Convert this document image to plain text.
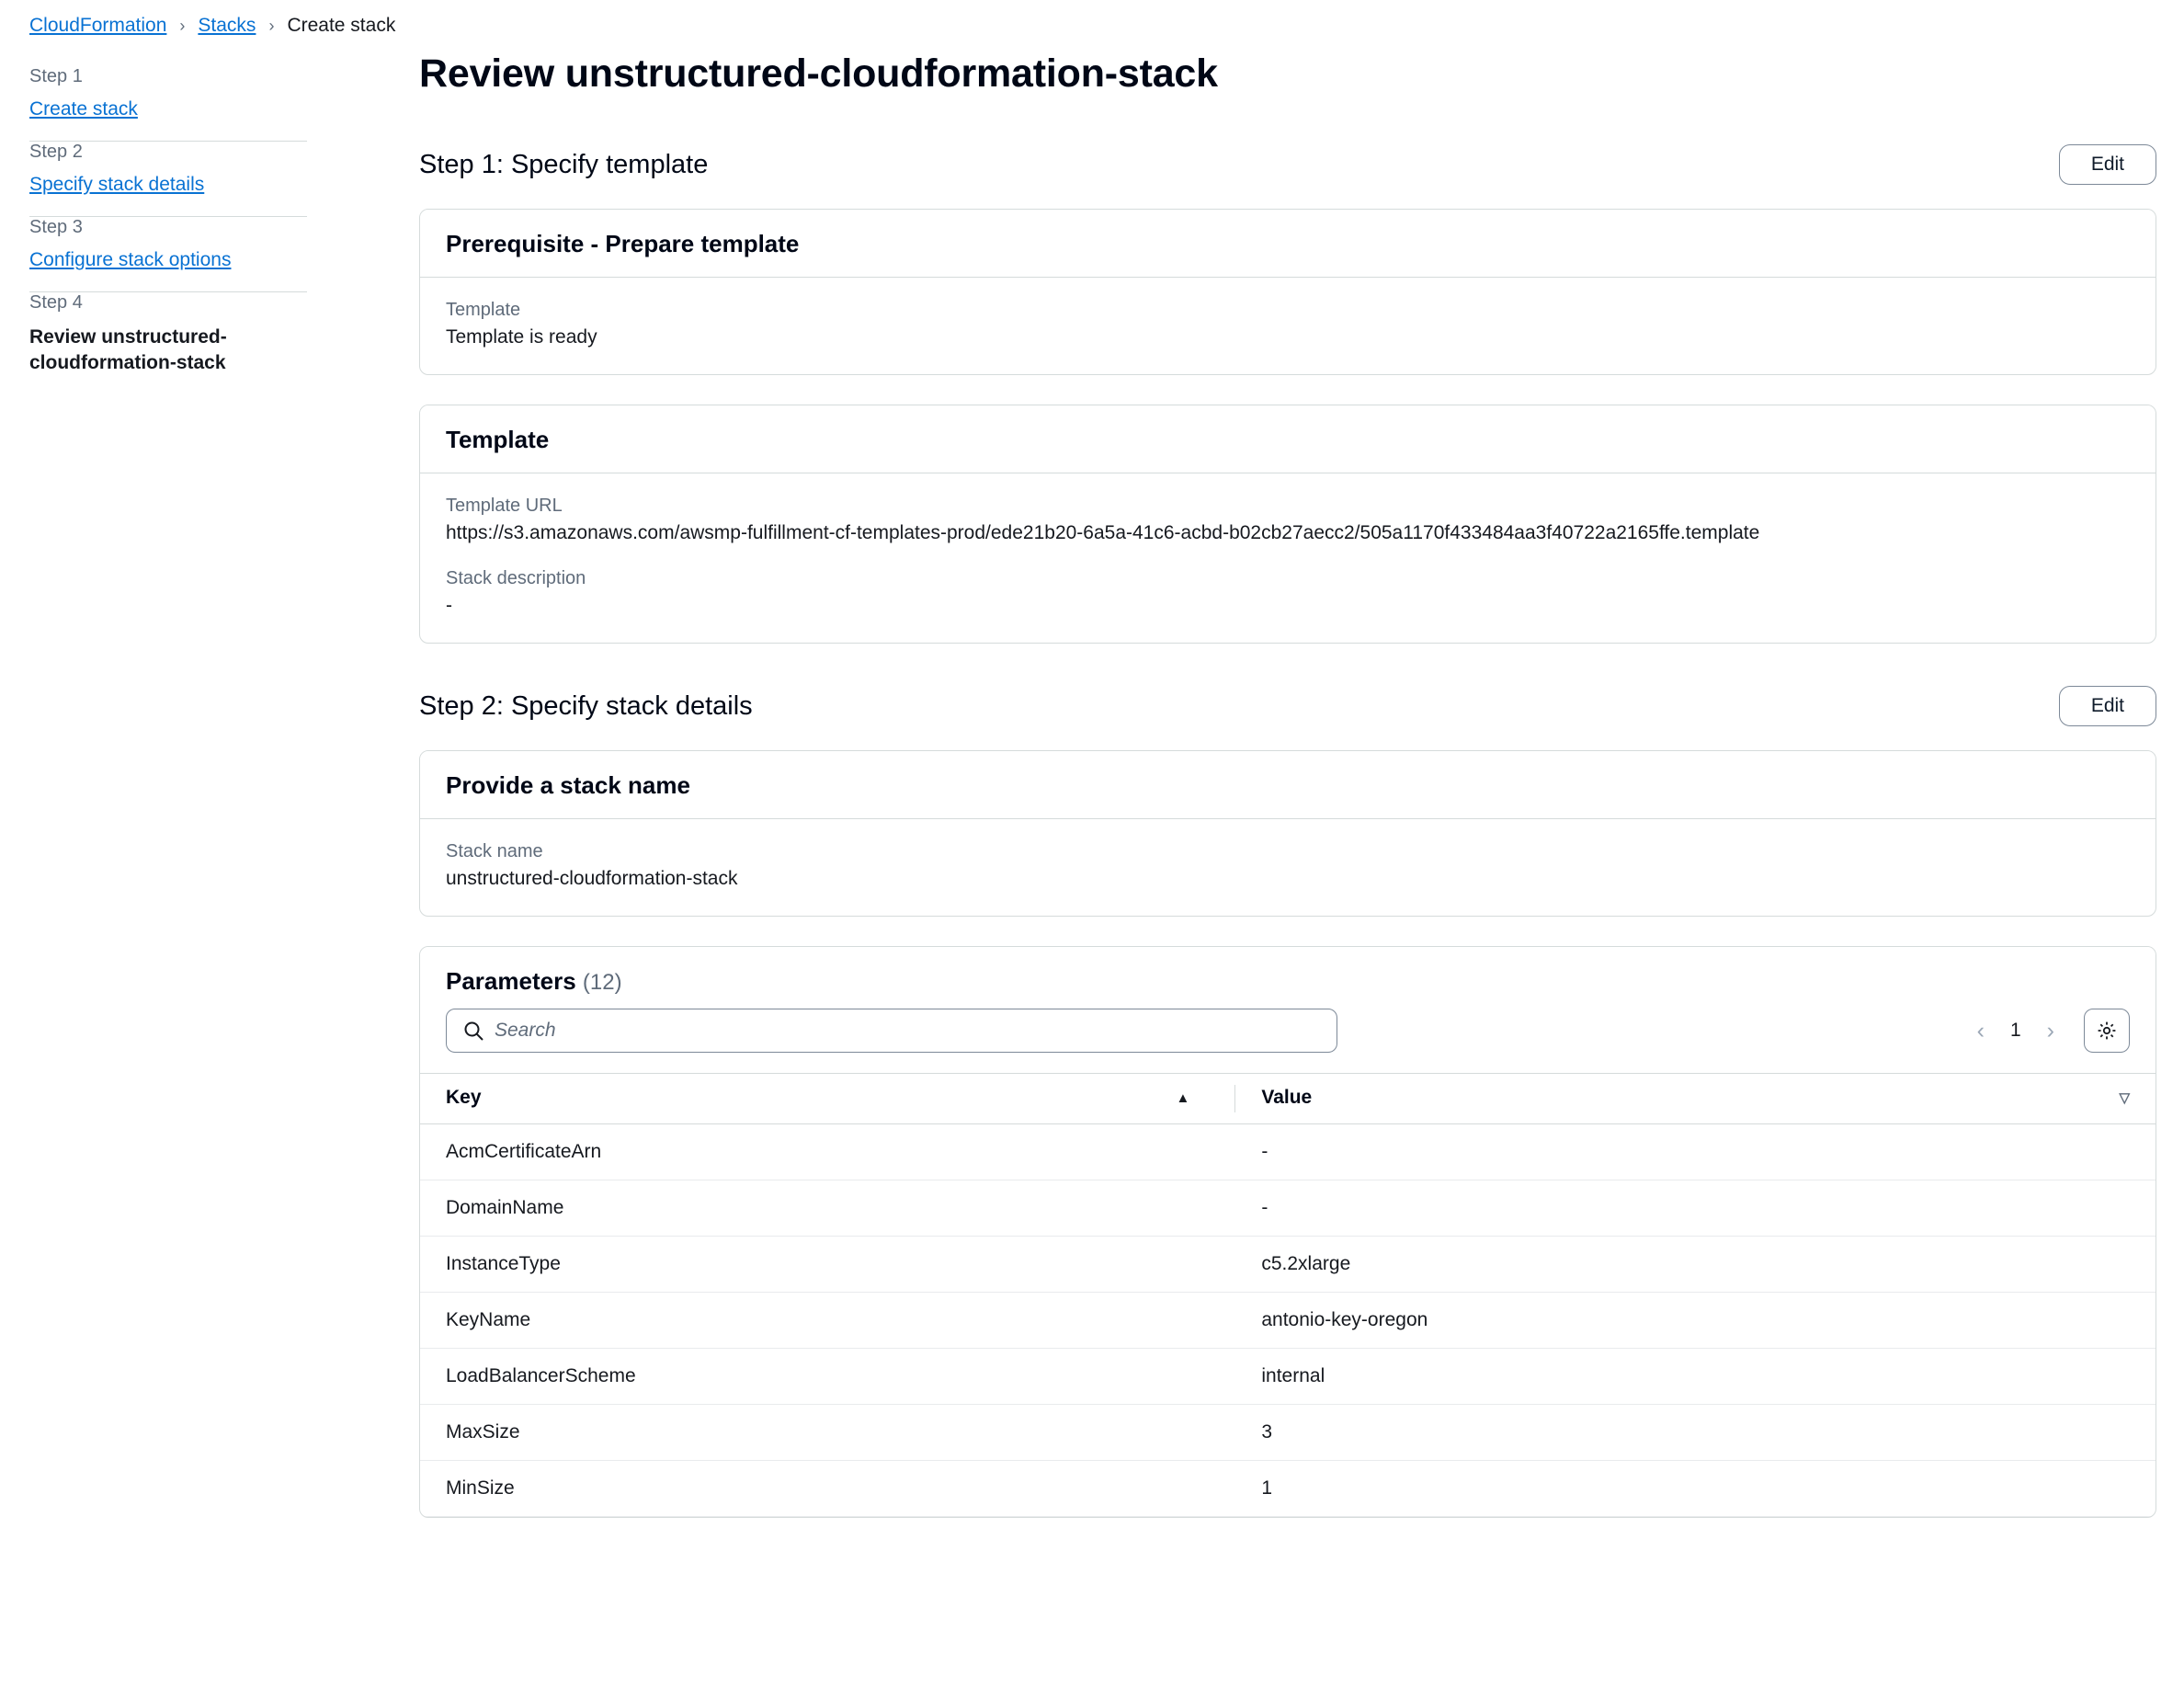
CloudFormation › Stacks › Create stack
Step 1
Create stack
Step 2
Specify stack details
Step 3
Configure stack options
Step 4
Review unstructured-cloudformation-stack
Review unstructured-cloudformation-stack
Step 1: Specify template	Edit
Prerequisite - Prepare template
Template
Template is ready
Template
Template URL
https://s3.amazonaws.com/awsmp-fulfillment-cf-templates-prod/ede21b20-6a5a-41c6-acbd-b02cb27aecc2/505a1170f433484aa3f40722a2165ffe.template
Stack description
-
Step 2: Specify stack details	Edit
Provide a stack name
Stack name
unstructured-cloudformation-stack
Parameters (12)
Search
‹	1	›
Key ▲	Value ▽

AcmCertificateArn	-
DomainName	-
InstanceType	c5.2xlarge
KeyName	antonio-key-oregon
LoadBalancerScheme	internal
MaxSize	3
MinSize	1
